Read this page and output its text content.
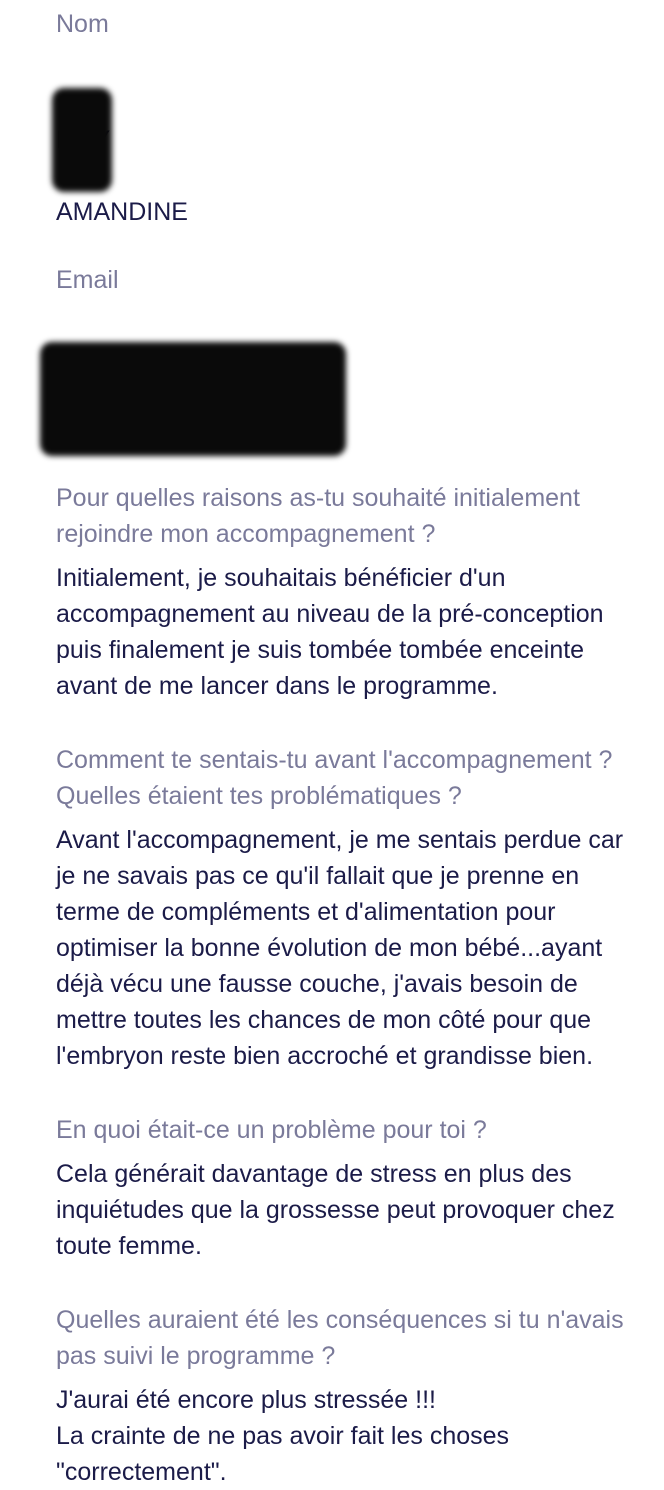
Nom

AMANDINE

Email

Pour quelles raisons as-tu souhaité initialement rejoindre mon accompagnement ?

Initialement, je souhaitais bénéficier d'un accompagnement au niveau de la pré-conception puis finalement je suis tombée tombée enceinte avant de me lancer dans le programme.

Comment te sentais-tu avant l'accompagnement ? Quelles étaient tes problématiques ?

Avant l'accompagnement, je me sentais perdue car je ne savais pas ce qu'il fallait que je prenne en terme de compléments et d'alimentation pour optimiser la bonne évolution de mon bébé...ayant déjà vécu une fausse couche, j'avais besoin de mettre toutes les chances de mon côté pour que l'embryon reste bien accroché et grandisse bien.

En quoi était-ce un problème pour toi ?

Cela générait davantage de stress en plus des inquiétudes que la grossesse peut provoquer chez toute femme.

Quelles auraient été les conséquences si tu n'avais pas suivi le programme ?

J'aurai été encore plus stressée !!!
La crainte de ne pas avoir fait les choses "correctement".
